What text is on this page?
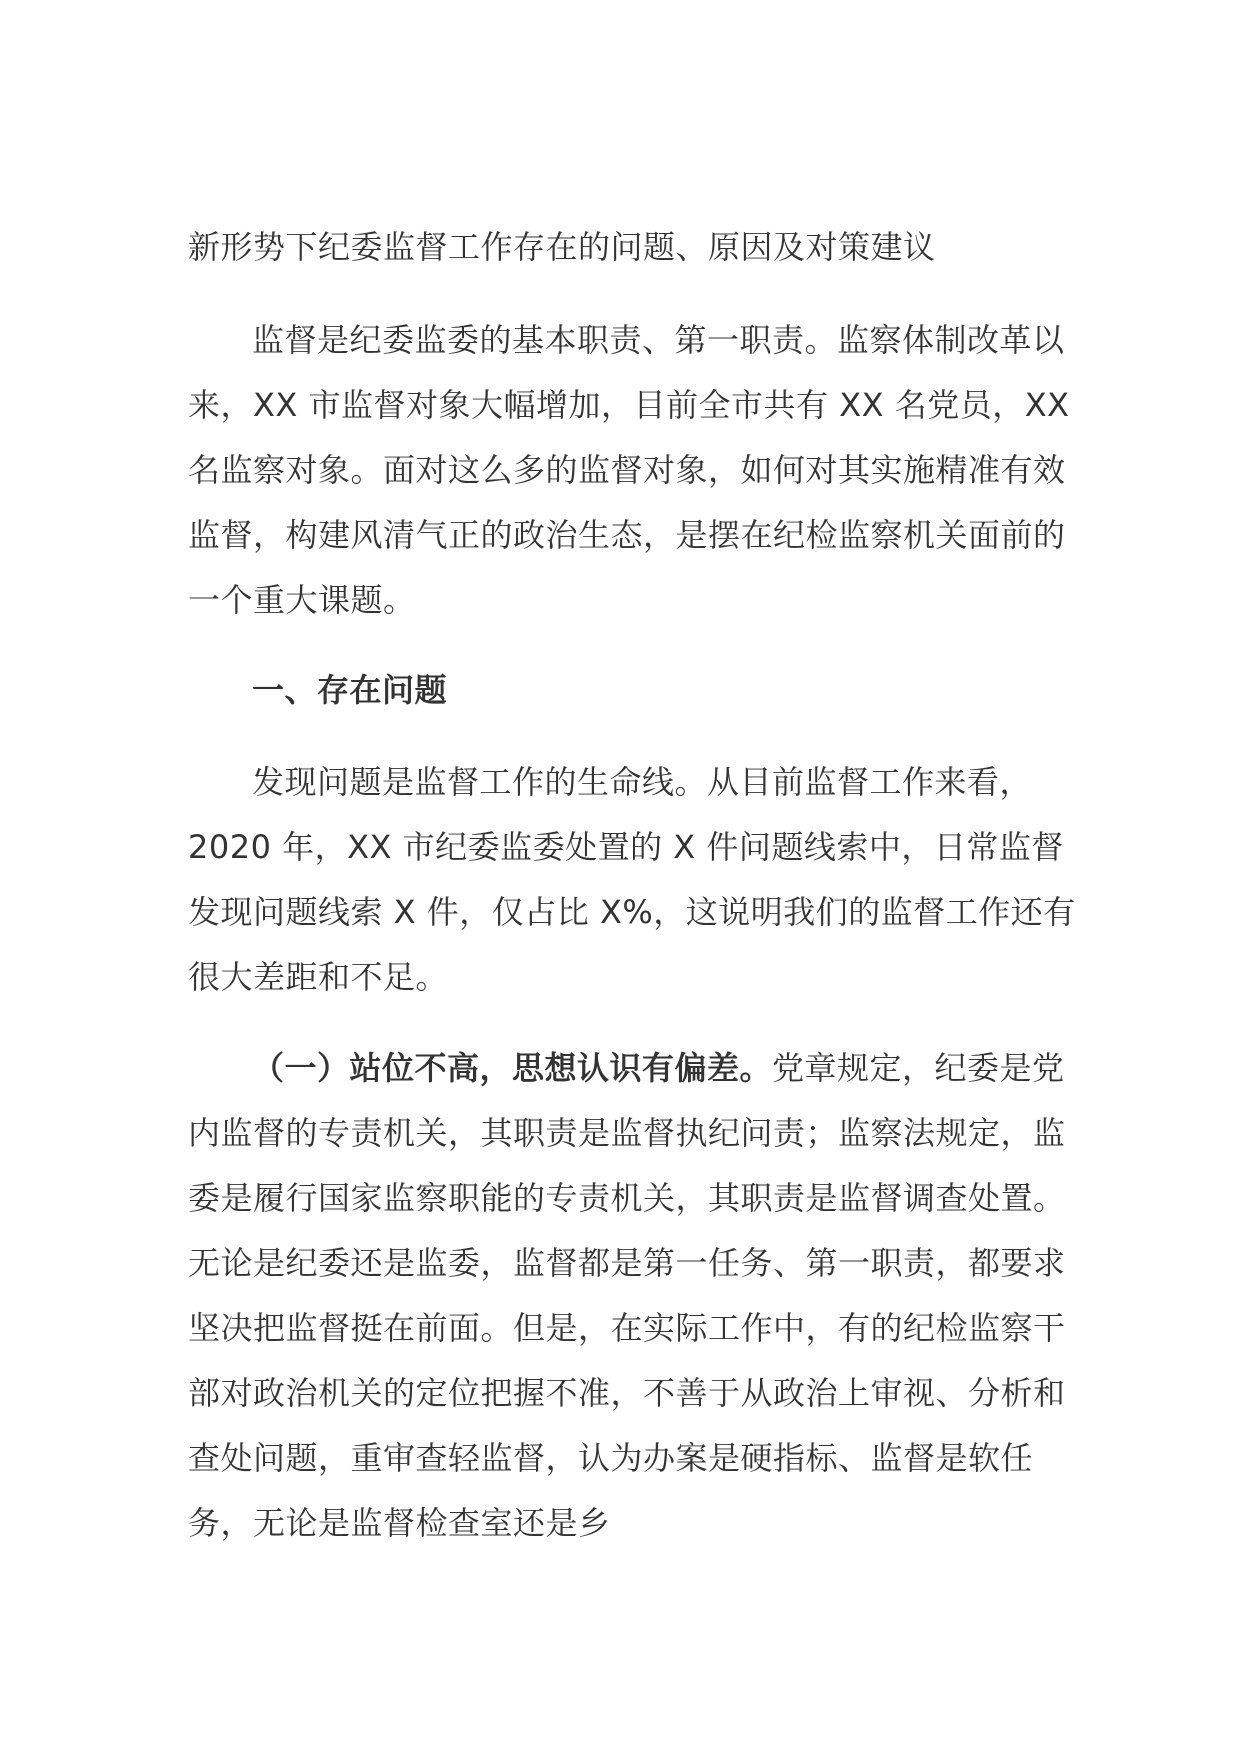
新形势下纪委监督工作存在的问题、原因及对策建议

监督是纪委监委的基本职责、第一职责。监察体制改革以来，XX 市监督对象大幅增加，目前全市共有 XX 名党员，XX 名监察对象。面对这么多的监督对象，如何对其实施精准有效监督，构建风清气正的政治生态，是摆在纪检监察机关面前的一个重大课题。

一、存在问题

发现问题是监督工作的生命线。从目前监督工作来看，2020 年，XX 市纪委监委处置的 X 件问题线索中，日常监督发现问题线索 X 件，仅占比 X%，这说明我们的监督工作还有很大差距和不足。

（一）站位不高，思想认识有偏差。党章规定，纪委是党内监督的专责机关，其职责是监督执纪问责；监察法规定，监委是履行国家监察职能的专责机关，其职责是监督调查处置。无论是纪委还是监委，监督都是第一任务、第一职责，都要求坚决把监督挺在前面。但是，在实际工作中，有的纪检监察干部对政治机关的定位把握不准，不善于从政治上审视、分析和查处问题，重审查轻监督，认为办案是硬指标、监督是软任务，无论是监督检查室还是乡
